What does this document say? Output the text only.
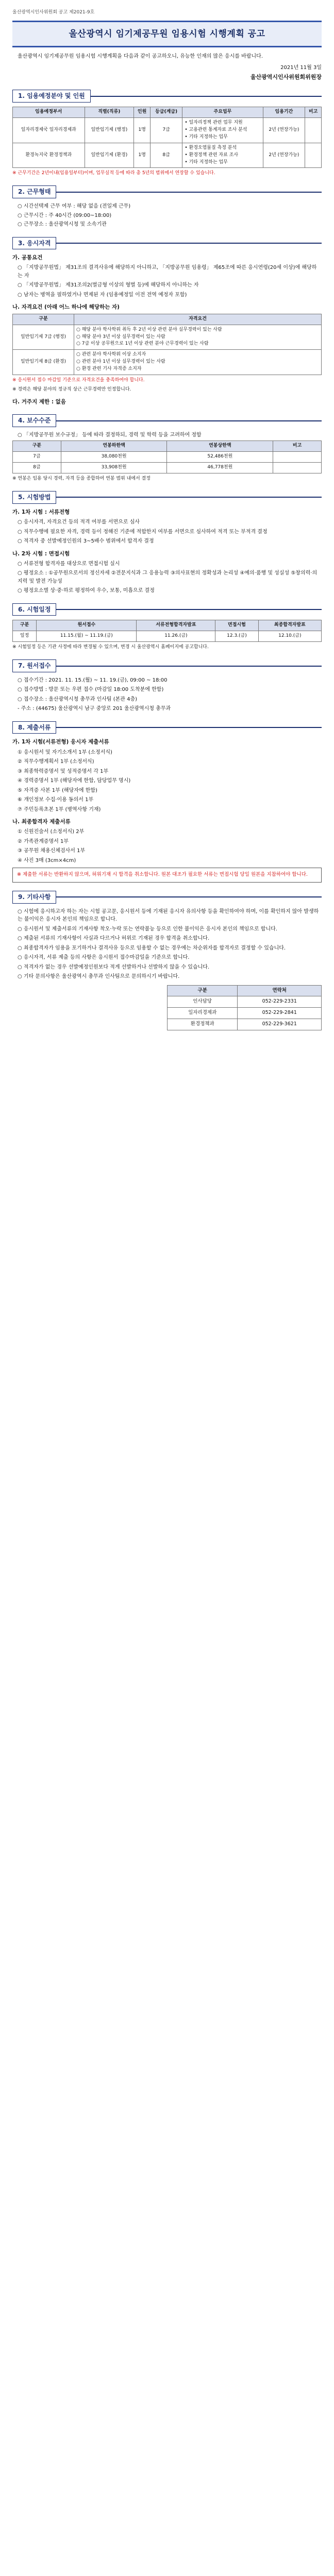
울산광역시인사위원회 공고 제2021-9호
울산광역시 임기제공무원 임용시험 시행계획 공고
울산광역시 임기제공무원 임용시험 시행계획을 다음과 같이 공고하오니, 유능한 인재의 많은 응시를 바랍니다.
2021년 11월 3일
울산광역시인사위원회위원장
1. 임용예정분야 및 인원
임용예정부서	직렬(직류)	인원	등급(계급)	주요업무	임용기간	비고
일자리경제국 일자리경제과	일반임기제 (행정)	1명	7급	• 일자리정책 관련 업무 지원
• 고용관련 통계자료 조사 분석
• 기타 지정하는 업무	2년 (연장가능)	
환경녹지국 환경정책과	일반임기제 (환경)	1명	8급	• 환경오염물질 측정 분석
• 환경정책 관련 자료 조사
• 기타 지정하는 업무	2년 (연장가능)	
※ 근무기간은 2년이내(임용일부터)이며, 업무실적 등에 따라 총 5년의 범위에서 연장할 수 있습니다.
2. 근무형태
○ 시간선택제 근무 여부 : 해당 없음 (전일제 근무)
○ 근무시간 : 주 40시간 (09:00~18:00)
○ 근무장소 : 울산광역시청 및 소속기관
3. 응시자격
가. 공통요건
○ 「지방공무원법」 제31조의 결격사유에 해당하지 아니하고, 「지방공무원 임용령」 제65조에 따른 응시연령(20세 이상)에 해당하는 자
○ 「지방공무원법」 제31조의2(벌금형 이상의 형벌 등)에 해당하지 아니하는 자
○ 남자는 병역을 필하였거나 면제된 자 (임용예정일 이전 전역 예정자 포함)
나. 자격요건 (아래 어느 하나에 해당하는 자)
구분	자격요건
일반임기제 7급 (행정)	○ 해당 분야 학사학위 취득 후 2년 이상 관련 분야 실무경력이 있는 사람
○ 해당 분야 3년 이상 실무경력이 있는 사람
○ 7급 이상 공무원으로 1년 이상 관련 분야 근무경력이 있는 사람
일반임기제 8급 (환경)	○ 관련 분야 학사학위 이상 소지자
○ 관련 분야 1년 이상 실무경력이 있는 사람
○ 환경 관련 기사 자격증 소지자
※ 응시원서 접수 마감일 기준으로 자격요건을 충족하여야 합니다.
※ 경력은 해당 분야의 정규직 상근 근무경력만 인정합니다.
다. 거주지 제한 : 없음
4. 보수수준
○ 「지방공무원 보수규정」 등에 따라 결정하되, 경력 및 학력 등을 고려하여 정함
구분	연봉하한액	연봉상한액	비고
7급	38,080천원	52,486천원	
8급	33,908천원	46,778천원	
※ 연봉은 임용 당시 경력, 자격 등을 종합하여 연봉 범위 내에서 결정
5. 시험방법
가. 1차 시험 : 서류전형
○ 응시자격, 자격요건 등의 적격 여부를 서면으로 심사
○ 직무수행에 필요한 자격, 경력 등이 정해진 기준에 적합한지 여부를 서면으로 심사하여 적격 또는 부적격 결정
○ 적격자 중 선발예정인원의 3~5배수 범위에서 합격자 결정
나. 2차 시험 : 면접시험
○ 서류전형 합격자를 대상으로 면접시험 실시
○ 평정요소 : ①공무원으로서의 정신자세 ②전문지식과 그 응용능력 ③의사표현의 정확성과 논리성 ④예의·품행 및 성실성 ⑤창의력·의지력 및 발전 가능성
○ 평정요소별 상·중·하로 평정하여 우수, 보통, 미흡으로 결정
6. 시험일정
구분	원서접수	서류전형합격자발표	면접시험	최종합격자발표
일정	11.15.(월) ~ 11.19.(금)	11.26.(금)	12.3.(금)	12.10.(금)
※ 시험일정 등은 기관 사정에 따라 변경될 수 있으며, 변경 시 울산광역시 홈페이지에 공고합니다.
7. 원서접수
○ 접수기간 : 2021. 11. 15.(월) ~ 11. 19.(금), 09:00 ~ 18:00
○ 접수방법 : 방문 또는 우편 접수 (마감일 18:00 도착분에 한함)
○ 접수장소 : 울산광역시청 총무과 인사팀 (본관 4층)
- 주소 : (44675) 울산광역시 남구 중앙로 201 울산광역시청 총무과
8. 제출서류
가. 1차 시험(서류전형) 응시자 제출서류
① 응시원서 및 자기소개서 1부 (소정서식)
② 직무수행계획서 1부 (소정서식)
③ 최종학력증명서 및 성적증명서 각 1부
④ 경력증명서 1부 (해당자에 한함, 담당업무 명시)
⑤ 자격증 사본 1부 (해당자에 한함)
⑥ 개인정보 수집·이용 동의서 1부
⑦ 주민등록초본 1부 (병역사항 기재)
나. 최종합격자 제출서류
① 신원진술서 (소정서식) 2부
② 가족관계증명서 1부
③ 공무원 채용신체검사서 1부
④ 사진 3매 (3cm×4cm)
※ 제출한 서류는 반환하지 않으며, 허위기재 시 합격을 취소합니다. 원본 대조가 필요한 서류는 면접시험 당일 원본을 지참하여야 합니다.
9. 기타사항
○ 시험에 응시하고자 하는 자는 시험 공고문, 응시원서 등에 기재된 응시자 유의사항 등을 확인하여야 하며, 이를 확인하지 않아 발생하는 불이익은 응시자 본인의 책임으로 합니다.
○ 응시원서 및 제출서류의 기재사항 착오·누락 또는 연락불능 등으로 인한 불이익은 응시자 본인의 책임으로 합니다.
○ 제출된 서류의 기재사항이 사실과 다르거나 허위로 기재된 경우 합격을 취소합니다.
○ 최종합격자가 임용을 포기하거나 결격사유 등으로 임용할 수 없는 경우에는 차순위자를 합격자로 결정할 수 있습니다.
○ 응시자격, 서류 제출 등의 사항은 응시원서 접수마감일을 기준으로 합니다.
○ 적격자가 없는 경우 선발예정인원보다 적게 선발하거나 선발하지 않을 수 있습니다.
○ 기타 문의사항은 울산광역시 총무과 인사팀으로 문의하시기 바랍니다.
구분	연락처
인사담당	052-229-2331
일자리경제과	052-229-2841
환경정책과	052-229-3621
